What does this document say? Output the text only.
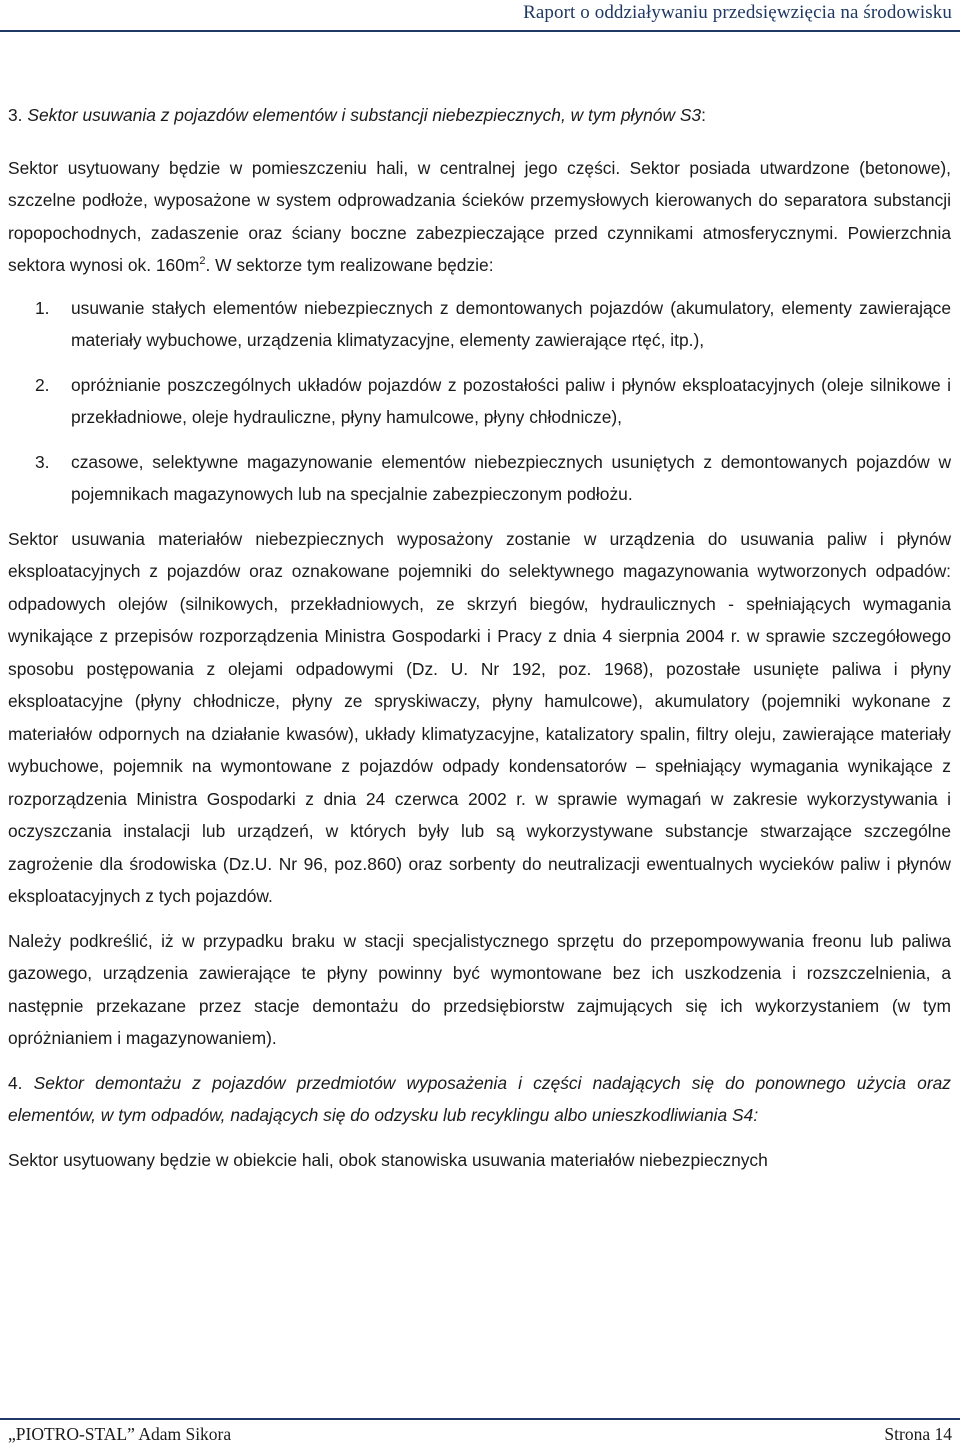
Raport o oddziaływaniu przedsięwzięcia na środowisku

3. Sektor usuwania z pojazdów elementów i substancji niebezpiecznych, w tym płynów S3:

Sektor usytuowany będzie w pomieszczeniu hali, w centralnej jego części. Sektor posiada utwardzone (betonowe), szczelne podłoże, wyposażone w system odprowadzania ścieków przemysłowych kierowanych do separatora substancji ropopochodnych, zadaszenie oraz ściany boczne zabezpieczające przed czynnikami atmosferycznymi. Powierzchnia sektora wynosi ok. $160m^2$. W sektorze tym realizowane będzie:

1. usuwanie stałych elementów niebezpiecznych z demontowanych pojazdów (akumulatory, elementy zawierające materiały wybuchowe, urządzenia klimatyzacyjne, elementy zawierające rtęć, itp.),
2. opróżnianie poszczególnych układów pojazdów z pozostałości paliw i płynów eksploatacyjnych (oleje silnikowe i przekładniowe, oleje hydrauliczne, płyny hamulcowe, płyny chłodnicze),
3. czasowe, selektywne magazynowanie elementów niebezpiecznych usuniętych z demontowanych pojazdów w pojemnikach magazynowych lub na specjalnie zabezpieczonym podłożu.

Sektor usuwania materiałów niebezpiecznych wyposażony zostanie w urządzenia do usuwania paliw i płynów eksploatacyjnych z pojazdów oraz oznakowane pojemniki do selektywnego magazynowania wytworzonych odpadów: odpadowych olejów (silnikowych, przekładniowych, ze skrzyń biegów, hydraulicznych - spełniających wymagania wynikające z przepisów rozporządzenia Ministra Gospodarki i Pracy z dnia 4 sierpnia 2004 r. w sprawie szczegółowego sposobu postępowania z olejami odpadowymi (Dz. U. Nr 192, poz. 1968), pozostałe usunięte paliwa i płyny eksploatacyjne (płyny chłodnicze, płyny ze spryskiwaczy, płyny hamulcowe), akumulatory (pojemniki wykonane z materiałów odpornych na działanie kwasów), układy klimatyzacyjne, katalizatory spalin, filtry oleju, zawierające materiały wybuchowe, pojemnik na wymontowane z pojazdów odpady kondensatorów – spełniający wymagania wynikające z rozporządzenia Ministra Gospodarki z dnia 24 czerwca 2002 r. w sprawie wymagań w zakresie wykorzystywania i oczyszczania instalacji lub urządzeń, w których były lub są wykorzystywane substancje stwarzające szczególne zagrożenie dla środowiska (Dz.U. Nr 96, poz.860) oraz sorbenty do neutralizacji ewentualnych wycieków paliw i płynów eksploatacyjnych z tych pojazdów.

Należy podkreślić, iż w przypadku braku w stacji specjalistycznego sprzętu do przepompowywania freonu lub paliwa gazowego, urządzenia zawierające te płyny powinny być wymontowane bez ich uszkodzenia i rozszczelnienia, a następnie przekazane przez stacje demontażu do przedsiębiorstw zajmujących się ich wykorzystaniem (w tym opróżnianiem i magazynowaniem).

4. Sektor demontażu z pojazdów przedmiotów wyposażenia i części nadających się do ponownego użycia oraz elementów, w tym odpadów, nadających się do odzysku lub recyklingu albo unieszkodliwiania S4:

Sektor usytuowany będzie w obiekcie hali, obok stanowiska usuwania materiałów niebezpiecznych

„PIOTRO-STAL” Adam Sikora	Strona 14
